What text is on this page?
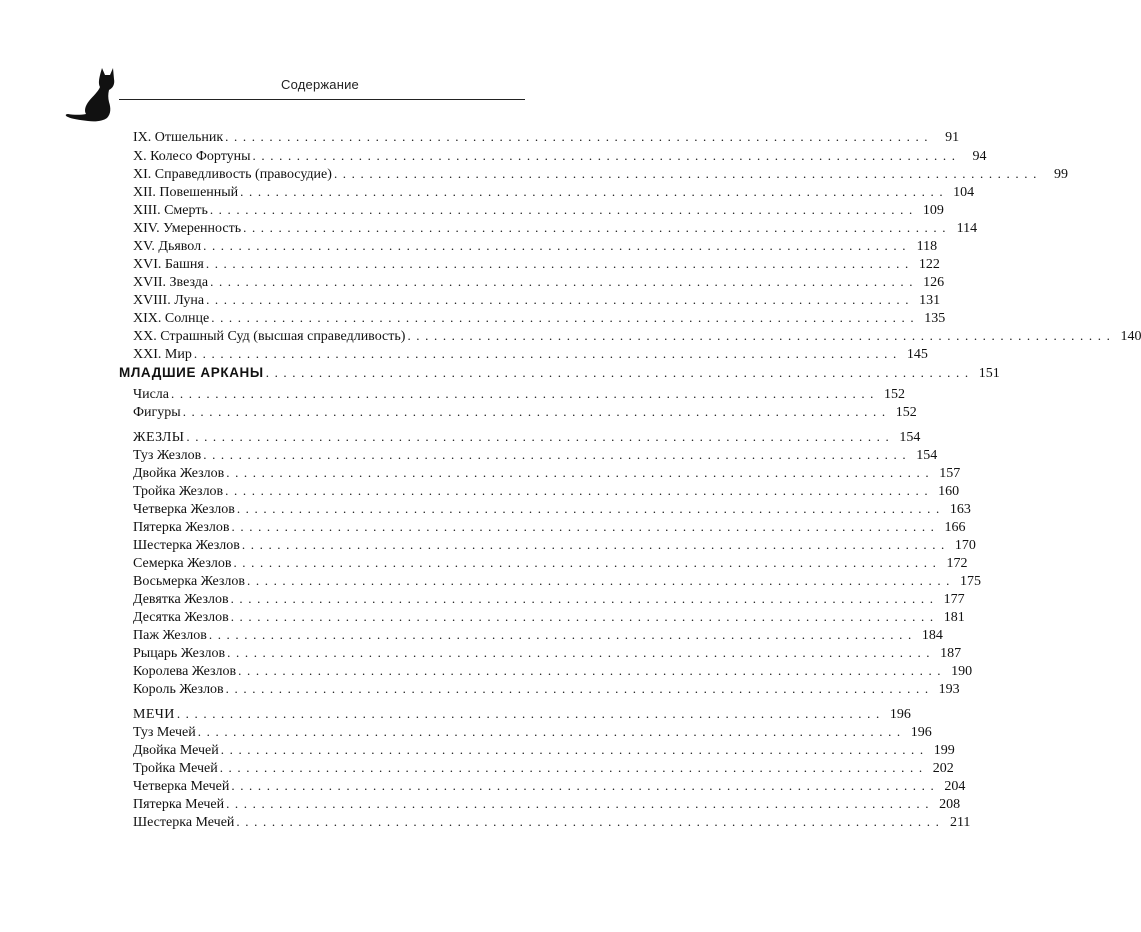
Содержание
IX. Отшельник ................................................................................ 91
X. Колесо Фортуны ................................................................................ 94
XI. Справедливость (правосудие) ................................................................................ 99
XII. Повешенный ................................................................................ 104
XIII. Смерть ................................................................................ 109
XIV. Умеренность ................................................................................ 114
XV. Дьявол ................................................................................ 118
XVI. Башня ................................................................................ 122
XVII. Звезда ................................................................................ 126
XVIII. Луна ................................................................................ 131
XIX. Солнце ................................................................................ 135
XX. Страшный Суд (высшая справедливость) ................................................................................ 140
XXI. Мир ................................................................................ 145
МЛАДШИЕ АРКАНЫ ................................................................................ 151
Числа ................................................................................ 152
Фигуры ................................................................................ 152
ЖЕЗЛЫ ................................................................................ 154
Туз Жезлов ................................................................................ 154
Двойка Жезлов ................................................................................ 157
Тройка Жезлов ................................................................................ 160
Четверка Жезлов ................................................................................ 163
Пятерка Жезлов ................................................................................ 166
Шестерка Жезлов ................................................................................ 170
Семерка Жезлов ................................................................................ 172
Восьмерка Жезлов ................................................................................ 175
Девятка Жезлов ................................................................................ 177
Десятка Жезлов ................................................................................ 181
Паж Жезлов ................................................................................ 184
Рыцарь Жезлов ................................................................................ 187
Королева Жезлов ................................................................................ 190
Король Жезлов ................................................................................ 193
МЕЧИ ................................................................................ 196
Туз Мечей ................................................................................ 196
Двойка Мечей ................................................................................ 199
Тройка Мечей ................................................................................ 202
Четверка Мечей ................................................................................ 204
Пятерка Мечей ................................................................................ 208
Шестерка Мечей ................................................................................ 211
